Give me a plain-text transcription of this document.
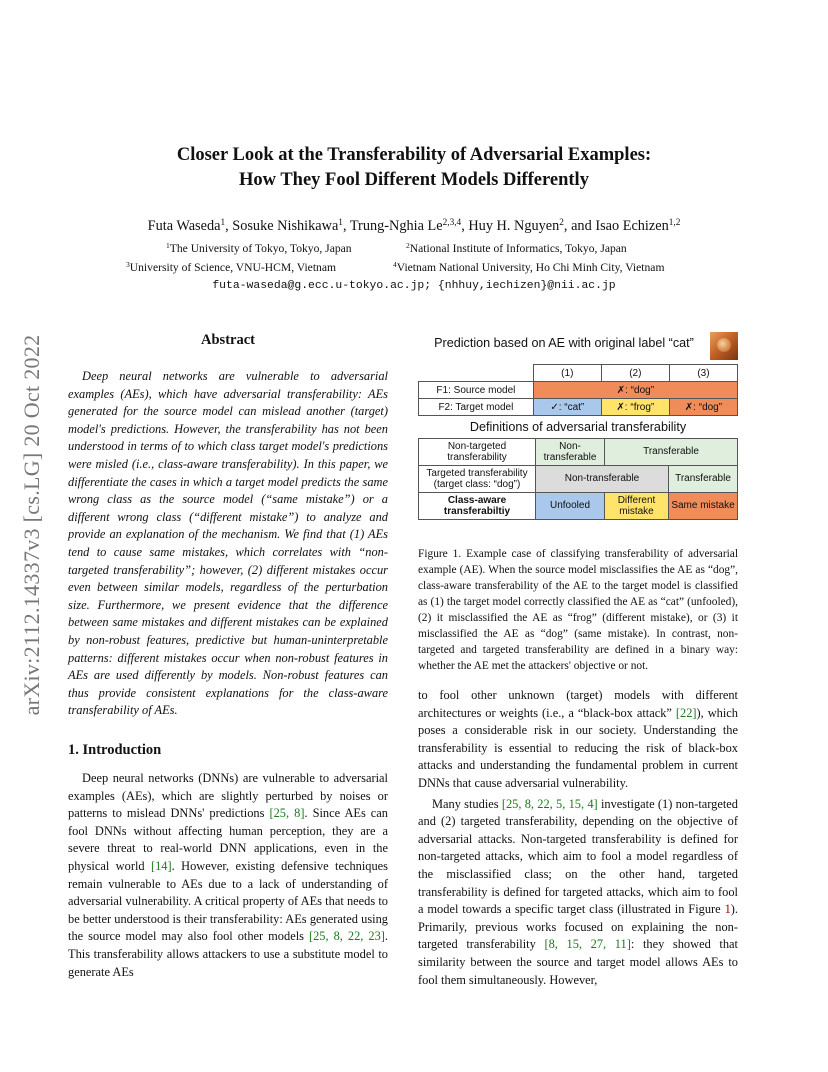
arXiv:2112.14337v3 [cs.LG] 20 Oct 2022
Closer Look at the Transferability of Adversarial Examples:
How They Fool Different Models Differently
Futa Waseda$^1$, Sosuke Nishikawa$^1$, Trung-Nghia Le$^{2,3,4}$, Huy H. Nguyen$^2$, and Isao Echizen$^{1,2}$
$^1$The University of Tokyo, Tokyo, Japan	$^2$National Institute of Informatics, Tokyo, Japan
$^3$University of Science, VNU-HCM, Vietnam	$^4$Vietnam National University, Ho Chi Minh City, Vietnam
futa-waseda@g.ecc.u-tokyo.ac.jp; {nhhuy,iechizen}@nii.ac.jp
Abstract

Deep neural networks are vulnerable to adversarial examples (AEs), which have adversarial transferability: AEs generated for the source model can mislead another (target) model's predictions. However, the transferability has not been understood in terms of to which class target model's predictions were misled (i.e., class-aware transferability). In this paper, we differentiate the cases in which a target model predicts the same wrong class as the source model (“same mistake”) or a different wrong class (“different mistake”) to analyze and provide an explanation of the mechanism. We find that (1) AEs tend to cause same mistakes, which correlates with “non-targeted transferability”; however, (2) different mistakes occur even between similar models, regardless of the perturbation size. Furthermore, we present evidence that the difference between same mistakes and different mistakes can be explained by non-robust features, predictive but human-uninterpretable patterns: different mistakes occur when non-robust features in AEs are used differently by models. Non-robust features can thus provide consistent explanations for the class-aware transferability of AEs.

1. Introduction

Deep neural networks (DNNs) are vulnerable to adversarial examples (AEs), which are slightly perturbed by noises or patterns to mislead DNNs' predictions [25, 8]. Since AEs can fool DNNs without affecting human perception, they are a severe threat to real-world DNN applications, even in the physical world [14]. However, existing defensive techniques remain vulnerable to AEs due to a lack of understanding of adversarial vulnerability. A critical property of AEs that needs to be better understood is their transferability: AEs generated using the source model may also fool other models [25, 8, 22, 23]. This transferability allows attackers to use a substitute model to generate AEs

to fool other unknown (target) models with different architectures or weights (i.e., a “black-box attack” [22]), which poses a considerable risk in our society. Understanding the transferability is essential to reducing the risk of black-box attacks and understanding the fundamental problem in current DNNs that cause adversarial vulnerability.

Many studies [25, 8, 22, 5, 15, 4] investigate (1) non-targeted and (2) targeted transferability, depending on the objective of adversarial attacks. Non-targeted transferability is defined for non-targeted attacks, which aim to fool a model regardless of the misclassified class; on the other hand, targeted transferability is defined for targeted attacks, which aim to fool a model towards a specific target class (illustrated in Figure 1). Primarily, previous works focused on explaining the non-targeted transferability [8, 15, 27, 11]: they showed that similarity between the source and target model allows AEs to fool them simultaneously. However,

Prediction based on AE with original label “cat”
	(1)	(2)	(3)
F1: Source model	✗: “dog”		
F2: Target model	✓: “cat”	✗: “frog”	✗: “dog”
Definitions of adversarial transferability
Non-targeted transferability	Non-transferable	Transferable	
Targeted transferability (target class: “dog”)	Non-transferable		Transferable
Class-aware transferabiltiy	Unfooled	Different mistake	Same mistake
Figure 1. Example case of classifying transferability of adversarial example (AE). When the source model misclassifies the AE as “dog”, class-aware transferability of the AE to the target model is classified as (1) the target model correctly classified the AE as “cat” (unfooled), (2) it misclassified the AE as “frog” (different mistake), or (3) it misclassified the AE as “dog” (same mistake). In contrast, non-targeted and targeted transferability are defined in a binary way: whether the AE met the attackers' objective or not.
